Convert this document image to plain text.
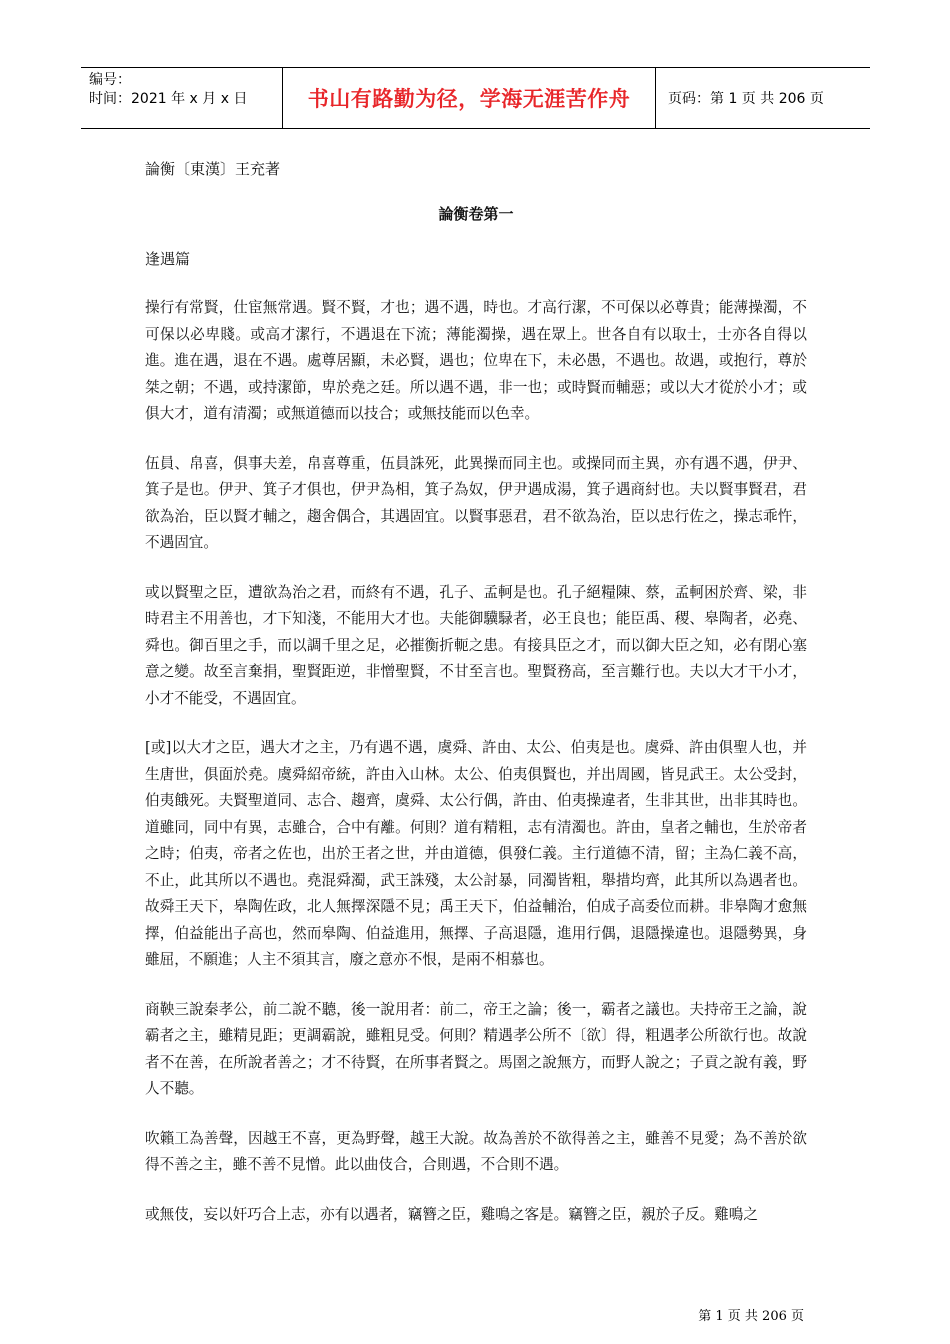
编号：
时间：2021 年 x 月 x 日	书山有路勤为径，学海无涯苦作舟	页码：第 1 页 共 206 页

論衡〔東漢〕王充著

論衡卷第一

逢遇篇

操行有常賢，仕宦無常遇。賢不賢，才也；遇不遇，時也。才高行潔，不可保以必尊貴；能薄操濁，不可保以必卑賤。或高才潔行，不遇退在下流；薄能濁操，遇在眾上。世各自有以取士，士亦各自得以進。進在遇，退在不遇。處尊居顯，未必賢，遇也；位卑在下，未必愚，不遇也。故遇，或抱行，尊於桀之朝；不遇，或持潔節，卑於堯之廷。所以遇不遇，非一也；或時賢而輔惡；或以大才從於小才；或俱大才，道有清濁；或無道德而以技合；或無技能而以色幸。

伍員、帛喜，俱事夫差，帛喜尊重，伍員誅死，此異操而同主也。或操同而主異，亦有遇不遇，伊尹、箕子是也。伊尹、箕子才俱也，伊尹為相，箕子為奴，伊尹遇成湯，箕子遇商紂也。夫以賢事賢君，君欲為治，臣以賢才輔之，趨舍偶合，其遇固宜。以賢事惡君，君不欲為治，臣以忠行佐之，操志乖忤，不遇固宜。

或以賢聖之臣，遭欲為治之君，而終有不遇，孔子、孟軻是也。孔子絕糧陳、蔡，孟軻困於齊、梁，非時君主不用善也，才下知淺，不能用大才也。夫能御驥騄者，必王良也；能臣禹、稷、皋陶者，必堯、舜也。御百里之手，而以調千里之足，必摧衡折軛之患。有接具臣之才，而以御大臣之知，必有閉心塞意之變。故至言棄捐，聖賢距逆，非憎聖賢，不甘至言也。聖賢務高，至言難行也。夫以大才干小才，小才不能受，不遇固宜。

[或]以大才之臣，遇大才之主，乃有遇不遇，虞舜、許由、太公、伯夷是也。虞舜、許由俱聖人也，并生唐世，俱面於堯。虞舜紹帝統，許由入山林。太公、伯夷俱賢也，并出周國，皆見武王。太公受封，伯夷餓死。夫賢聖道同、志合、趨齊，虞舜、太公行偶，許由、伯夷操違者，生非其世，出非其時也。道雖同，同中有異，志雖合，合中有離。何則？道有精粗，志有清濁也。許由，皇者之輔也，生於帝者之時；伯夷，帝者之佐也，出於王者之世，并由道德，俱發仁義。主行道德不清，留；主為仁義不高，不止，此其所以不遇也。堯混舜濁，武王誅殘，太公討暴，同濁皆粗，舉措均齊，此其所以為遇者也。故舜王天下，皋陶佐政，北人無擇深隱不見；禹王天下，伯益輔治，伯成子高委位而耕。非皋陶才愈無擇，伯益能出子高也，然而皋陶、伯益進用，無擇、子高退隱，進用行偶，退隱操違也。退隱勢異，身雖屈，不願進；人主不須其言，廢之意亦不恨，是兩不相慕也。

商鞅三說秦孝公，前二說不聽，後一說用者：前二，帝王之論；後一，霸者之議也。夫持帝王之論，說霸者之主，雖精見距；更調霸說，雖粗見受。何則？精遇孝公所不〔欲〕得，粗遇孝公所欲行也。故說者不在善，在所說者善之；才不待賢，在所事者賢之。馬圉之說無方，而野人說之；子貢之說有義，野人不聽。

吹籟工為善聲，因越王不喜，更為野聲，越王大說。故為善於不欲得善之主，雖善不見愛；為不善於欲得不善之主，雖不善不見憎。此以曲伎合，合則遇，不合則不遇。

或無伎，妄以奸巧合上志，亦有以遇者，竊簪之臣，雞鳴之客是。竊簪之臣，親於子反。雞鳴之

第 1 页 共 206 页
